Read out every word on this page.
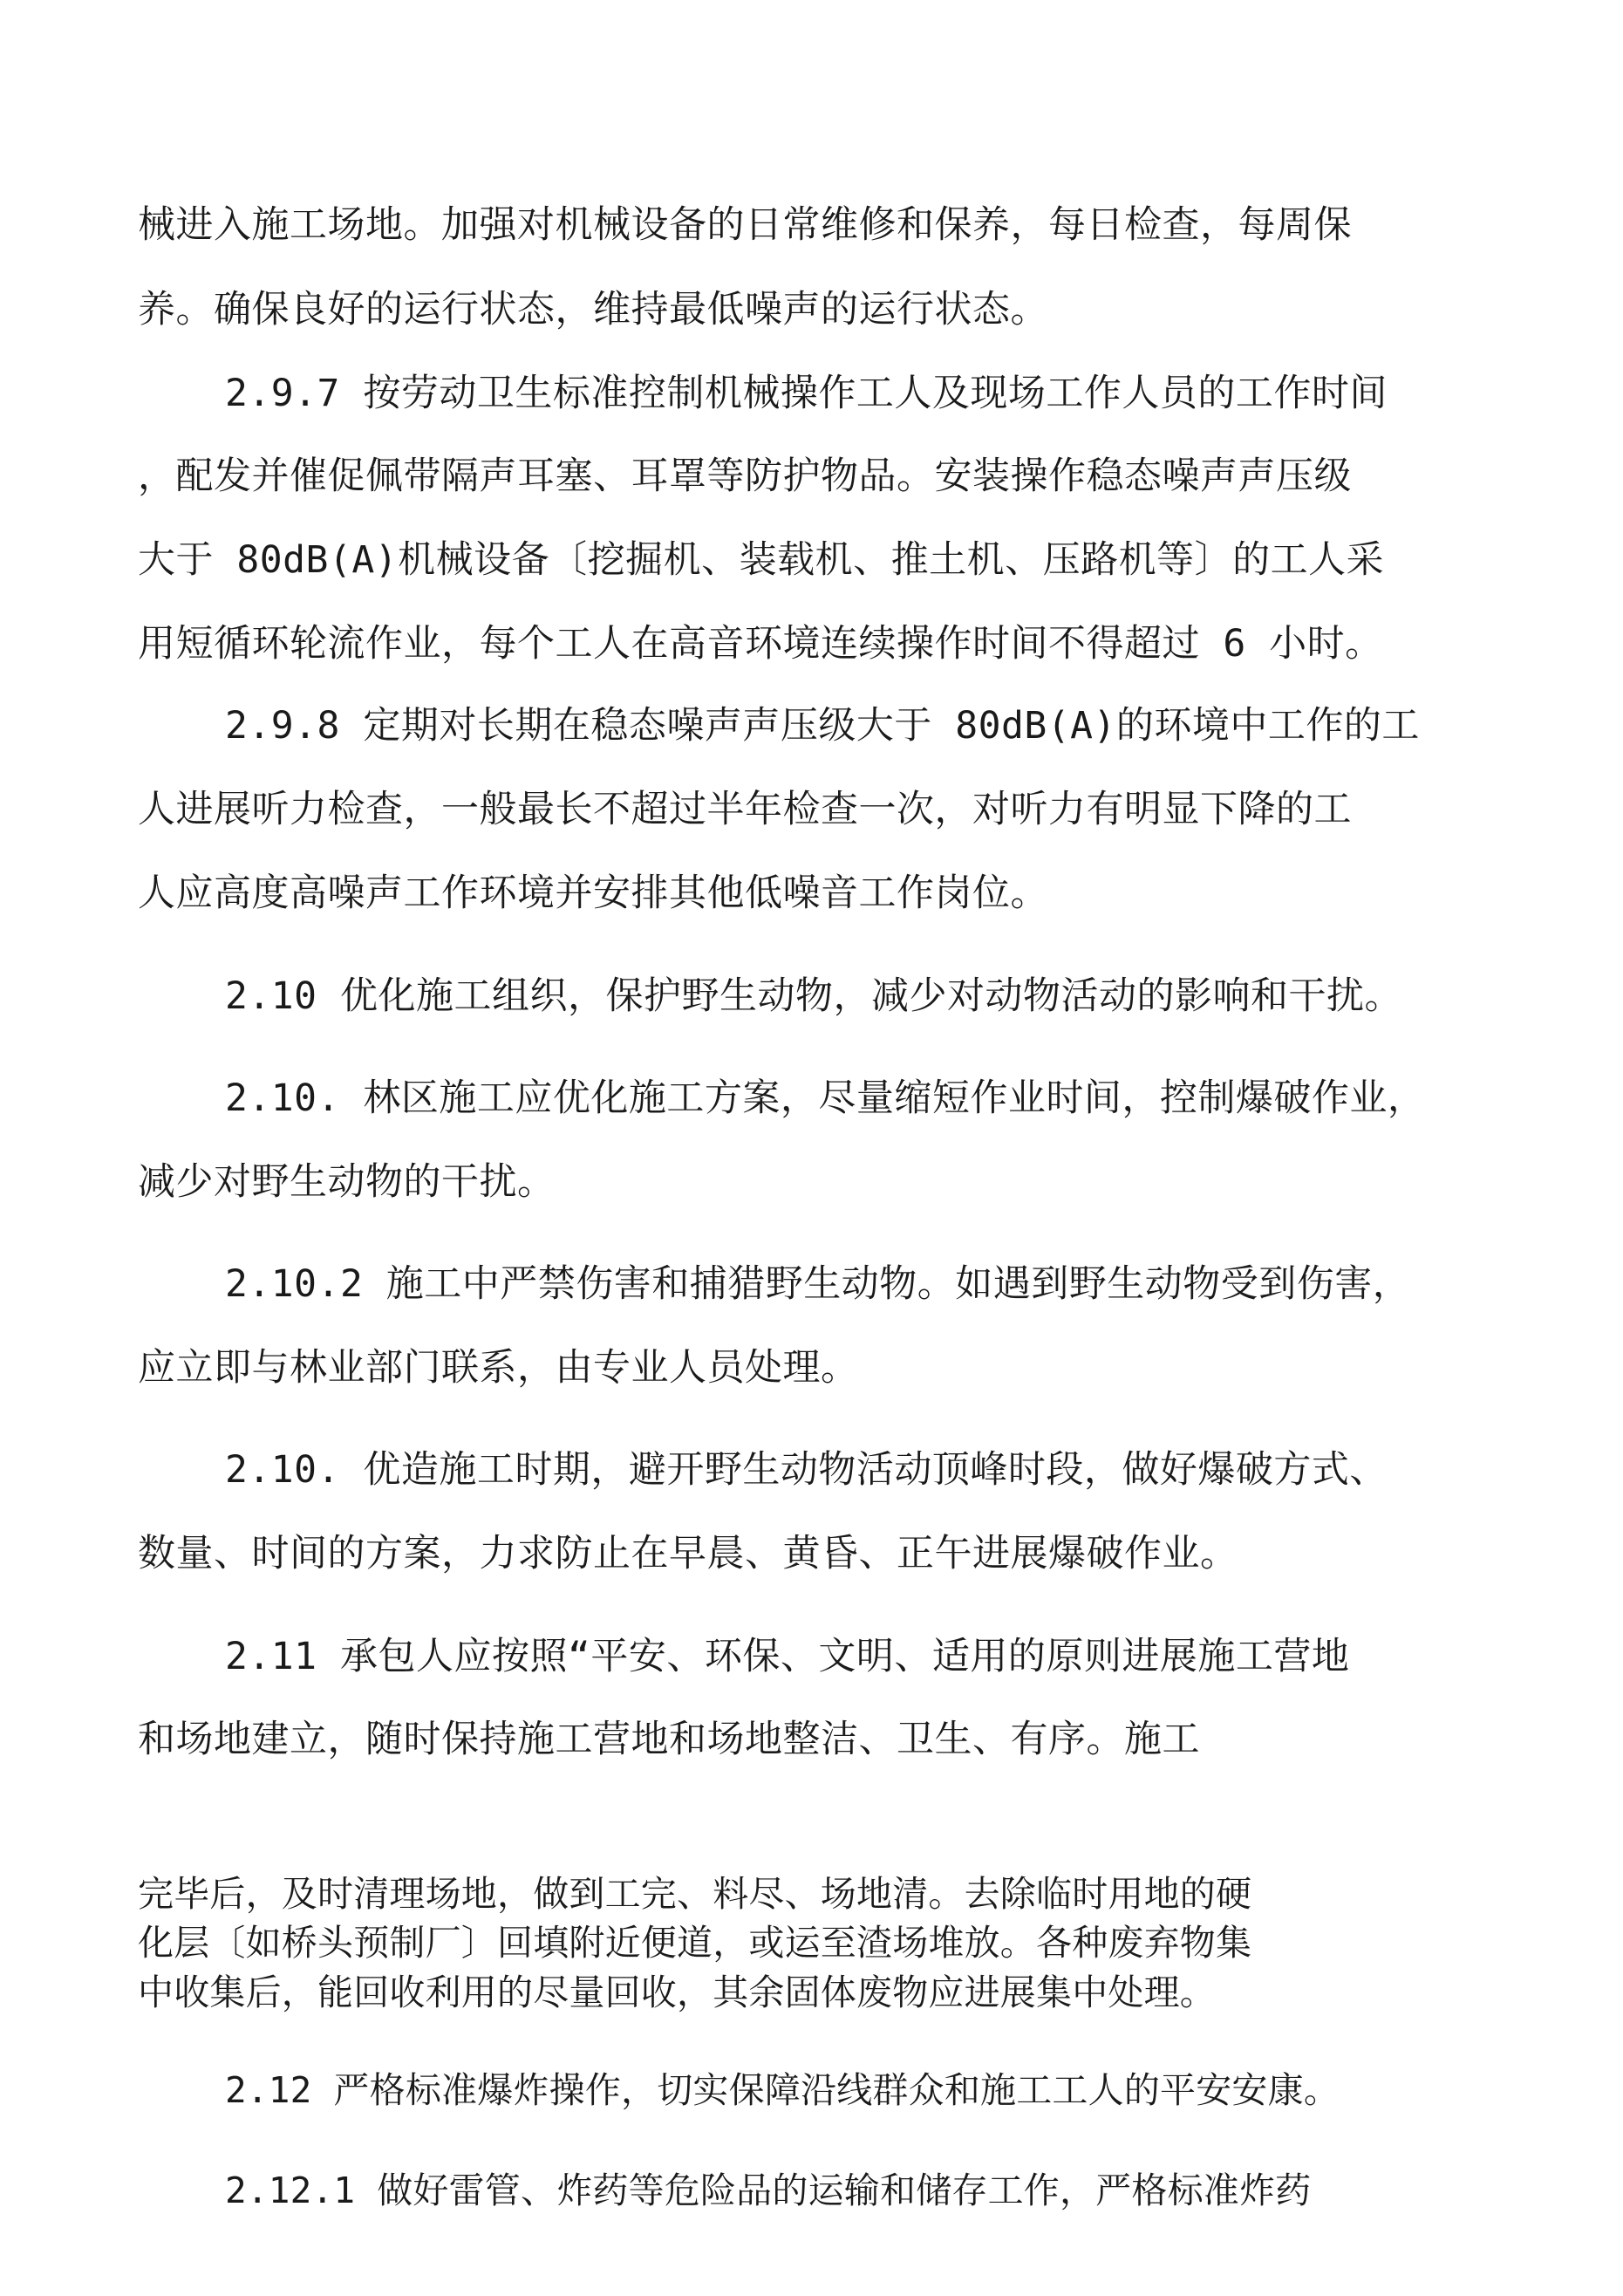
械进入施工场地。加强对机械设备的日常维修和保养，每日检查，每周保
养。确保良好的运行状态，维持最低噪声的运行状态。
2.9.7 按劳动卫生标准控制机械操作工人及现场工作人员的工作时间
，配发并催促佩带隔声耳塞、耳罩等防护物品。安装操作稳态噪声声压级
大于 80dB(A)机械设备〔挖掘机、装载机、推土机、压路机等〕的工人采
用短循环轮流作业，每个工人在高音环境连续操作时间不得超过 6 小时。
2.9.8 定期对长期在稳态噪声声压级大于 80dB(A)的环境中工作的工
人进展听力检查，一般最长不超过半年检查一次，对听力有明显下降的工
人应高度高噪声工作环境并安排其他低噪音工作岗位。
2.10 优化施工组织，保护野生动物，减少对动物活动的影响和干扰。
2.10. 林区施工应优化施工方案，尽量缩短作业时间，控制爆破作业，
减少对野生动物的干扰。
2.10.2 施工中严禁伤害和捕猎野生动物。如遇到野生动物受到伤害，
应立即与林业部门联系，由专业人员处理。
2.10. 优造施工时期，避开野生动物活动顶峰时段，做好爆破方式、
数量、时间的方案，力求防止在早晨、黄昏、正午进展爆破作业。
2.11 承包人应按照“平安、环保、文明、适用的原则进展施工营地
和场地建立，随时保持施工营地和场地整洁、卫生、有序。施工
完毕后，及时清理场地，做到工完、料尽、场地清。去除临时用地的硬
化层〔如桥头预制厂〕回填附近便道，或运至渣场堆放。各种废弃物集
中收集后，能回收利用的尽量回收，其余固体废物应进展集中处理。
2.12 严格标准爆炸操作，切实保障沿线群众和施工工人的平安安康。
2.12.1 做好雷管、炸药等危险品的运输和储存工作，严格标准炸药
